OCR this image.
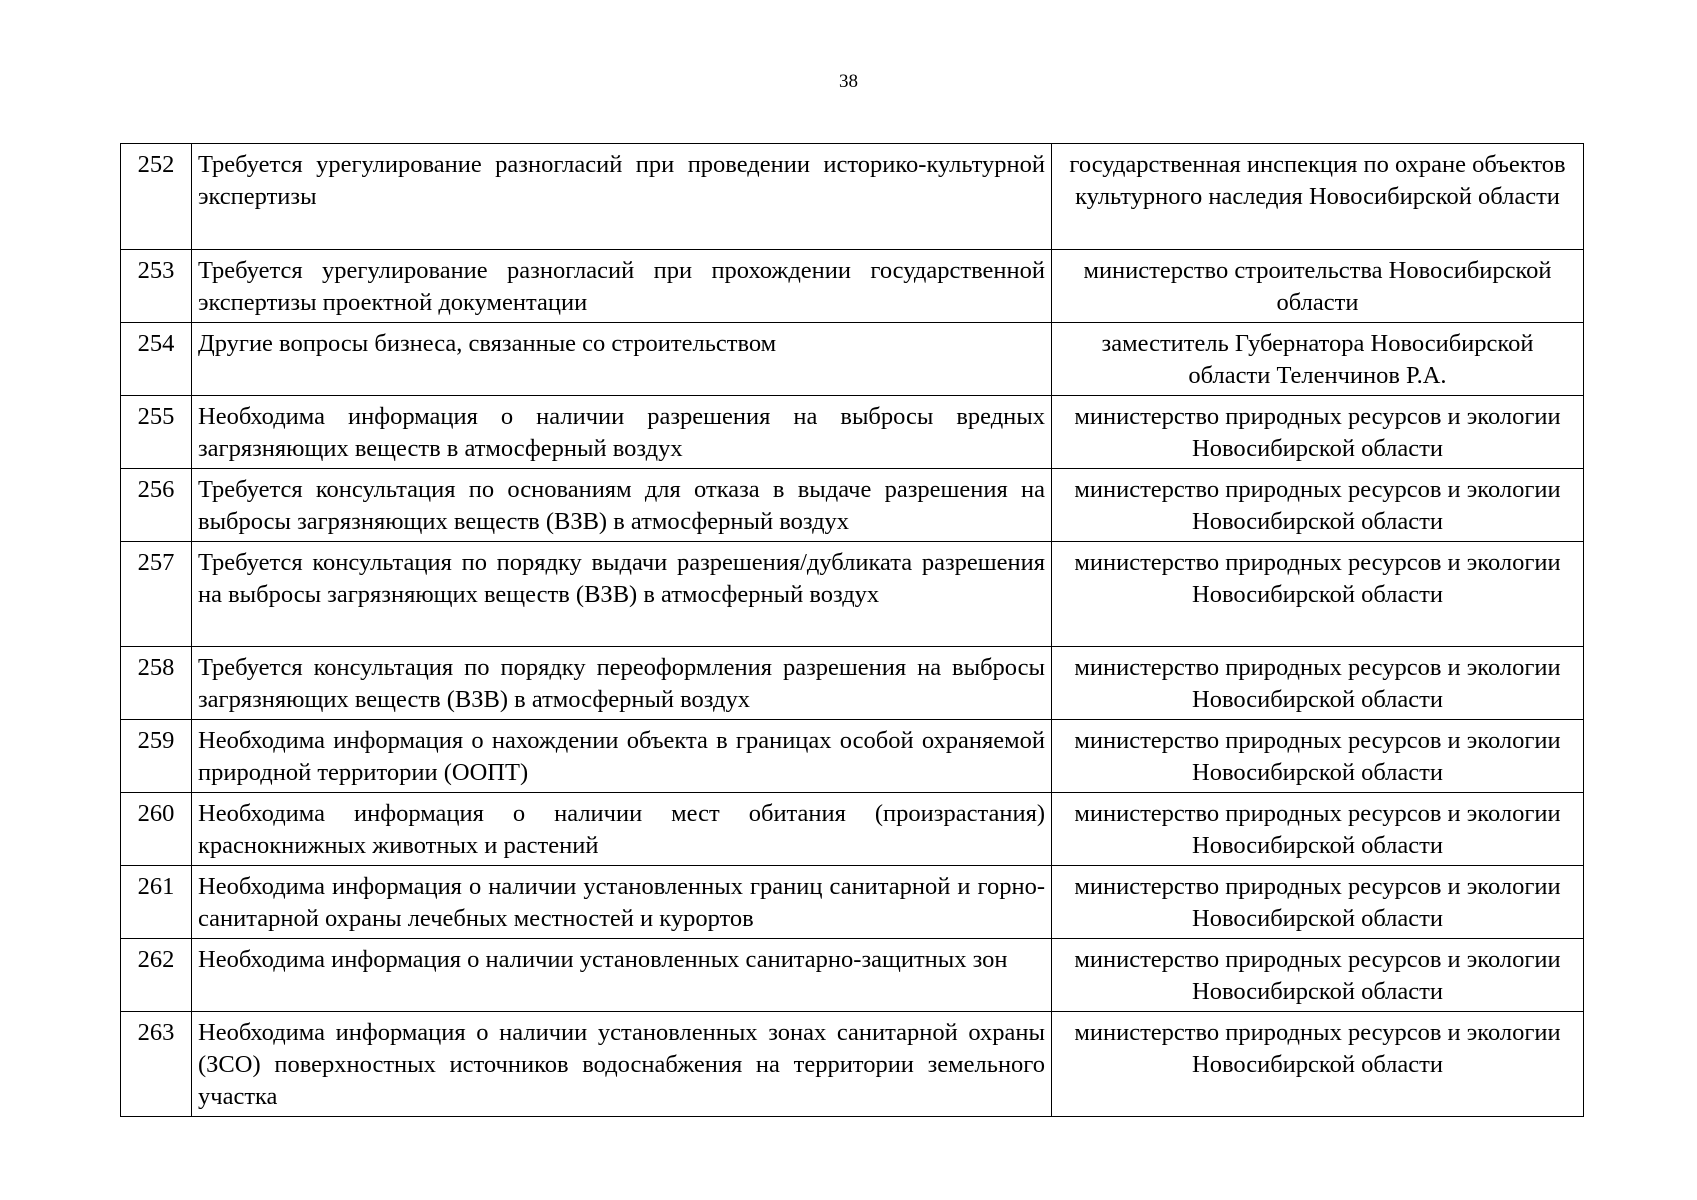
38
252	Требуется урегулирование разногласий при проведении историко-культурной экспертизы	государственная инспекция по охране объектов культурного наследия Новосибирской области
253	Требуется урегулирование разногласий при прохождении государственной экспертизы проектной документации	министерство строительства Новосибирской области
254	Другие вопросы бизнеса, связанные со строительством	заместитель Губернатора Новосибирской области Теленчинов Р.А.
255	Необходима информация о наличии разрешения на выбросы вредных загрязняющих веществ в атмосферный воздух	министерство природных ресурсов и экологии Новосибирской области
256	Требуется консультация по основаниям для отказа в выдаче разрешения на выбросы загрязняющих веществ (ВЗВ) в атмосферный воздух	министерство природных ресурсов и экологии Новосибирской области
257	Требуется консультация по порядку выдачи разрешения/дубликата разрешения на выбросы загрязняющих веществ (ВЗВ) в атмосферный воздух	министерство природных ресурсов и экологии Новосибирской области
258	Требуется консультация по порядку переоформления разрешения на выбросы загрязняющих веществ (ВЗВ) в атмосферный воздух	министерство природных ресурсов и экологии Новосибирской области
259	Необходима информация о нахождении объекта в границах особой охраняемой природной территории (ООПТ)	министерство природных ресурсов и экологии Новосибирской области
260	Необходима информация о наличии мест обитания (произрастания) краснокнижных животных и растений	министерство природных ресурсов и экологии Новосибирской области
261	Необходима информация о наличии установленных границ санитарной и горно-санитарной охраны лечебных местностей и курортов	министерство природных ресурсов и экологии Новосибирской области
262	Необходима информация о наличии установленных санитарно-защитных зон	министерство природных ресурсов и экологии Новосибирской области
263	Необходима информация о наличии установленных зонах санитарной охраны (ЗСО) поверхностных источников водоснабжения на территории земельного участка	министерство природных ресурсов и экологии Новосибирской области
